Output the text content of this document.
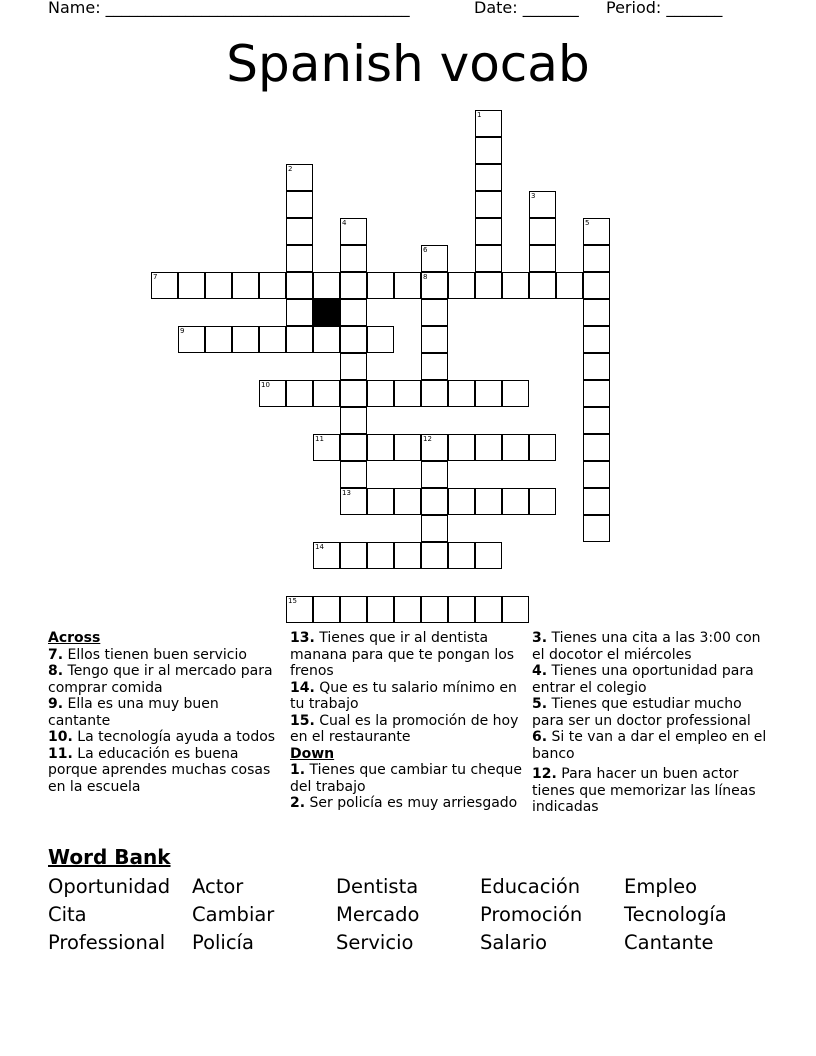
Name: ______________________________________	Date: _______ Period: _______
Spanish vocab
1
2
3
4	5
6
8
7
9
10
11	12
13
14
15
Across
7. Ellos tienen buen servicio
8. Tengo que ir al mercado para comprar comida
9. Ella es una muy buen cantante
10. La tecnología ayuda a todos
11. La educación es buena porque aprendes muchas cosas en la escuela
13. Tienes que ir al dentista manana para que te pongan los frenos
14. Que es tu salario mínimo en tu trabajo
15. Cual es la promoción de hoy en el restaurante
Down
1. Tienes que cambiar tu cheque del trabajo
2. Ser policía es muy arriesgado
3. Tienes una cita a las 3:00 con el docotor el miércoles
4. Tienes una oportunidad para entrar el colegio
5. Tienes que estudiar mucho para ser un doctor professional
6. Si te van a dar el empleo en el banco
12. Para hacer un buen actor tienes que memorizar las líneas indicadas
Word Bank
Oportunidad	Actor	Dentista	Educación	Empleo
Cita	Cambiar	Mercado	Promoción	Tecnología
Professional	Policía	Servicio	Salario	Cantante
